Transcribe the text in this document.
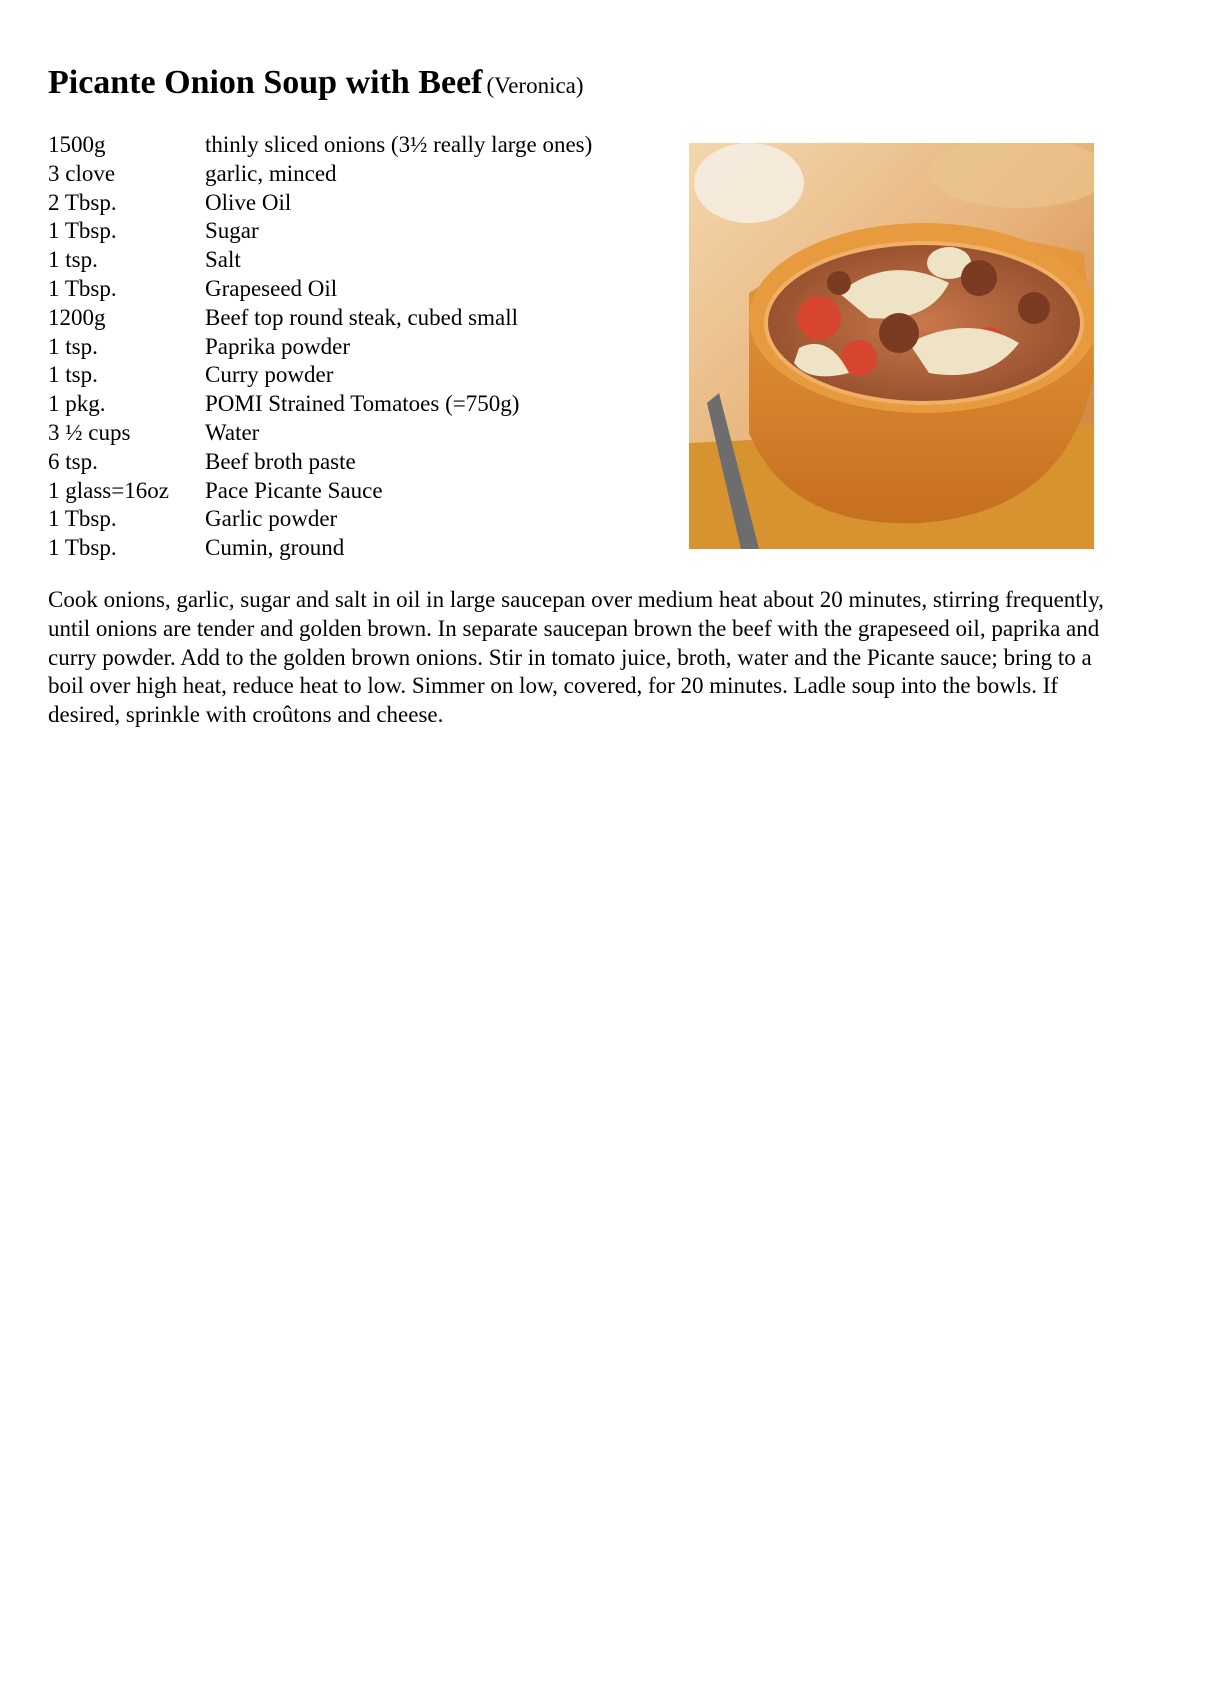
Picante Onion Soup with Beef (Veronica)
1500g	thinly sliced onions (3½ really large ones)
3 clove	garlic, minced
2 Tbsp.	Olive Oil
1 Tbsp.	Sugar
1 tsp.	Salt
1 Tbsp.	Grapeseed Oil
1200g	Beef top round steak, cubed small
1 tsp.	Paprika powder
1 tsp.	Curry powder
1 pkg.	POMI Strained Tomatoes (=750g)
3 ½ cups	Water
6 tsp.	Beef broth paste
1 glass=16oz Pace Picante Sauce
1 Tbsp.	Garlic powder
1 Tbsp.	Cumin, ground

Cook onions, garlic, sugar and salt in oil in large saucepan over medium heat about 20 minutes, stirring frequently, until onions are tender and golden brown. In separate saucepan brown the beef with the grapeseed oil, paprika and curry powder. Add to the golden brown onions. Stir in tomato juice, broth, water and the Picante sauce; bring to a boil over high heat, reduce heat to low. Simmer on low, covered, for 20 minutes. Ladle soup into the bowls. If desired, sprinkle with croûtons and cheese.
